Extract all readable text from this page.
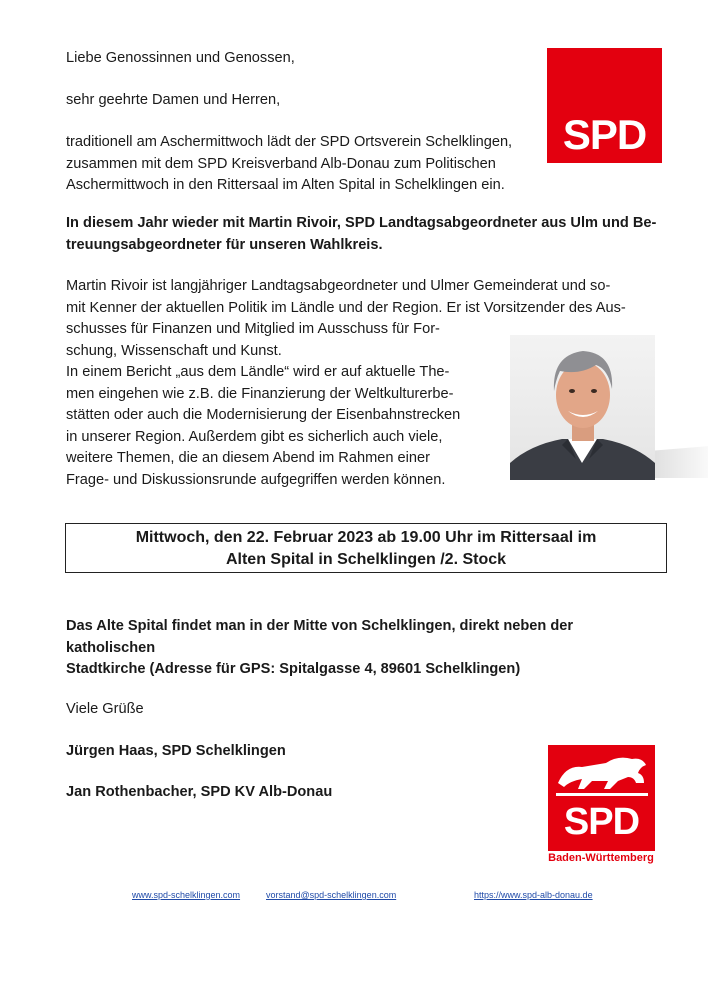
Liebe Genossinnen und Genossen,

sehr geehrte Damen und Herren,

traditionell am Aschermittwoch lädt der SPD Ortsverein Schelklingen,
zusammen mit dem SPD Kreisverband Alb-Donau zum Politischen
Aschermittwoch in den Rittersaal im Alten Spital in Schelklingen ein.
In diesem Jahr wieder mit Martin Rivoir, SPD Landtagsabgeordneter aus Ulm und Be-
treuungsabgeordneter für unseren Wahlkreis.
Martin Rivoir ist langjähriger Landtagsabgeordneter und Ulmer Gemeinderat und so-
mit Kenner der aktuellen Politik im Ländle und der Region. Er ist Vorsitzender des Aus-
schusses für Finanzen und Mitglied im Ausschuss für For-
schung, Wissenschaft und Kunst.
In einem Bericht „aus dem Ländle“ wird er auf aktuelle The-
men eingehen wie z.B. die Finanzierung der Weltkulturerbe-
stätten oder auch die Modernisierung der Eisenbahnstrecken
in unserer Region. Außerdem gibt es sicherlich auch viele,
weitere Themen, die an diesem Abend im Rahmen einer
Frage- und Diskussionsrunde aufgegriffen werden können.
Mittwoch, den 22. Februar 2023 ab 19.00 Uhr im Rittersaal im
Alten Spital in Schelklingen /2. Stock
Das Alte Spital findet man in der Mitte von Schelklingen, direkt neben der katholischen
Stadtkirche (Adresse für GPS: Spitalgasse 4, 89601 Schelklingen)

Viele Grüße

Jürgen Haas, SPD Schelklingen

Jan Rothenbacher, SPD KV Alb-Donau

SPD
SPD
Baden-Württemberg
www.spd-schelklingen.com	vorstand@spd-schelklingen.com	https://www.spd-alb-donau.de
